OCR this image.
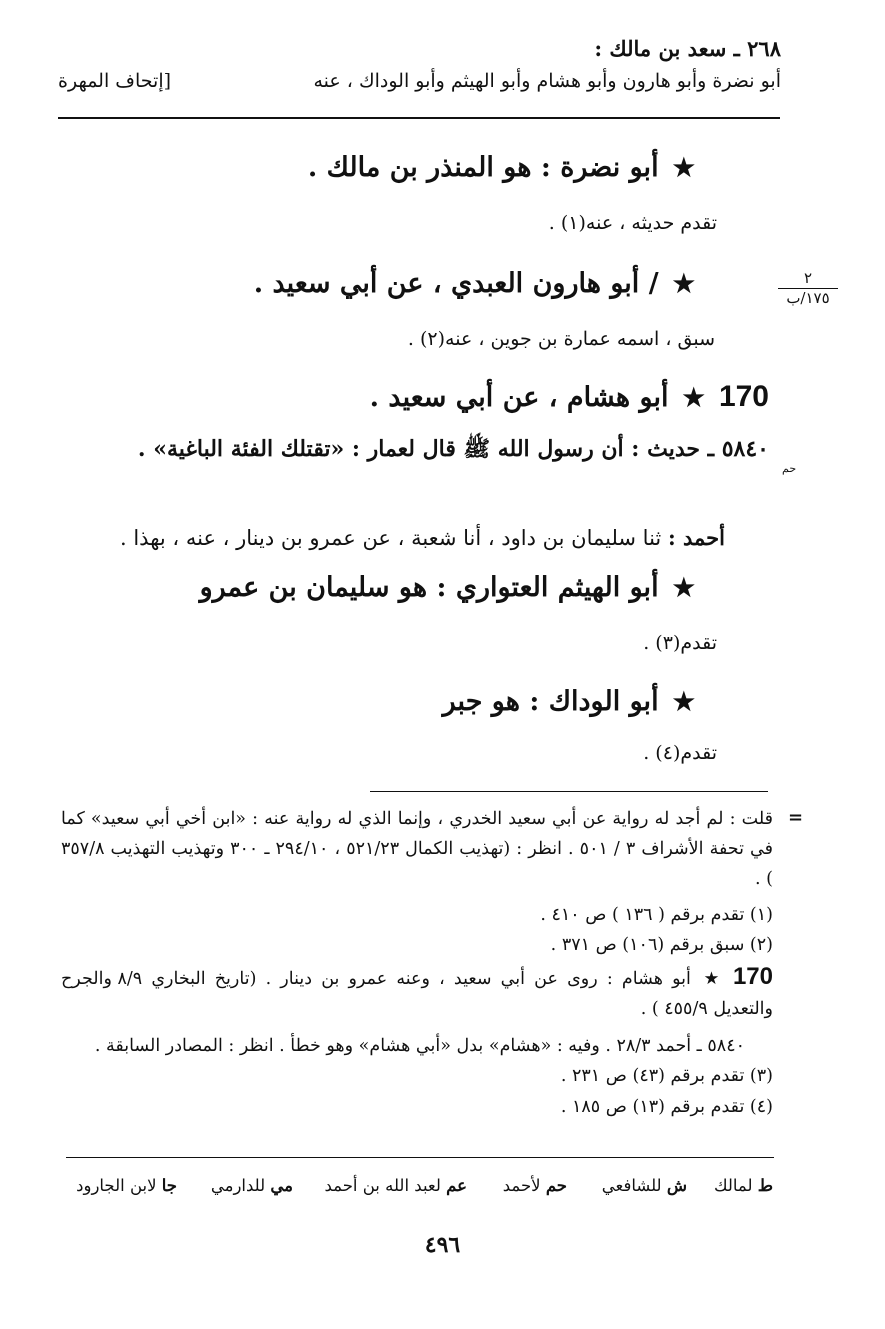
٢٦٨ ـ سعد بن مالك :
أبو نضرة وأبو هارون وأبو هشام وأبو الهيثم وأبو الوداك ، عنه
[إتحاف المهرة
٢
١٧٥/ب
★أبو نضرة : هو المنذر بن مالك .
تقدم حديثه ، عنه(١) .
★/ أبو هارون العبدي ، عن أبي سعيد .
سبق ، اسمه عمارة بن جوين ، عنه(٢) .
170★أبو هشام ، عن أبي سعيد .
٥٨٤٠ ـ حديث : أن رسول الله ﷺ قال لعمار : «تقتلك الفئة الباغية» .
حم
أحمد : ثنا سليمان بن داود ، أنا شعبة ، عن عمرو بن دينار ، عنه ، بهذا .
★أبو الهيثم العتواري : هو سليمان بن عمرو
تقدم(٣) .
★أبو الوداك : هو جبر
تقدم(٤) .
=
قلت : لم أجد له رواية عن أبي سعيد الخدري ، وإنما الذي له رواية عنه : «ابن أخي أبي سعيد» كما في تحفة الأشراف ٣ / ٥٠١ . انظر : (تهذيب الكمال ٥٢١/٢٣ ، ٢٩٤/١٠ ـ ٣٠٠ وتهذيب التهذيب ٣٥٧/٨ ) .
(١) تقدم برقم ( ١٣٦ ) ص ٤١٠ .
(٢) سبق برقم (١٠٦) ص ٣٧١ .
170★ أبو هشام : روى عن أبي سعيد ، وعنه عمرو بن دينار . (تاريخ البخاري ٨/٩ والجرح والتعديل ٤٥٥/٩ ) .
٥٨٤٠ ـ أحمد ٢٨/٣ . وفيه : «هشام» بدل «أبي هشام» وهو خطأ . انظر : المصادر السابقة .
(٣) تقدم برقم (٤٣) ص ٢٣١ .
(٤) تقدم برقم (١٣) ص ١٨٥ .
ط لمالك
ش للشافعي
حم لأحمد
عم لعبد الله بن أحمد
مي للدارمي
جا لابن الجارود
٤٩٦
